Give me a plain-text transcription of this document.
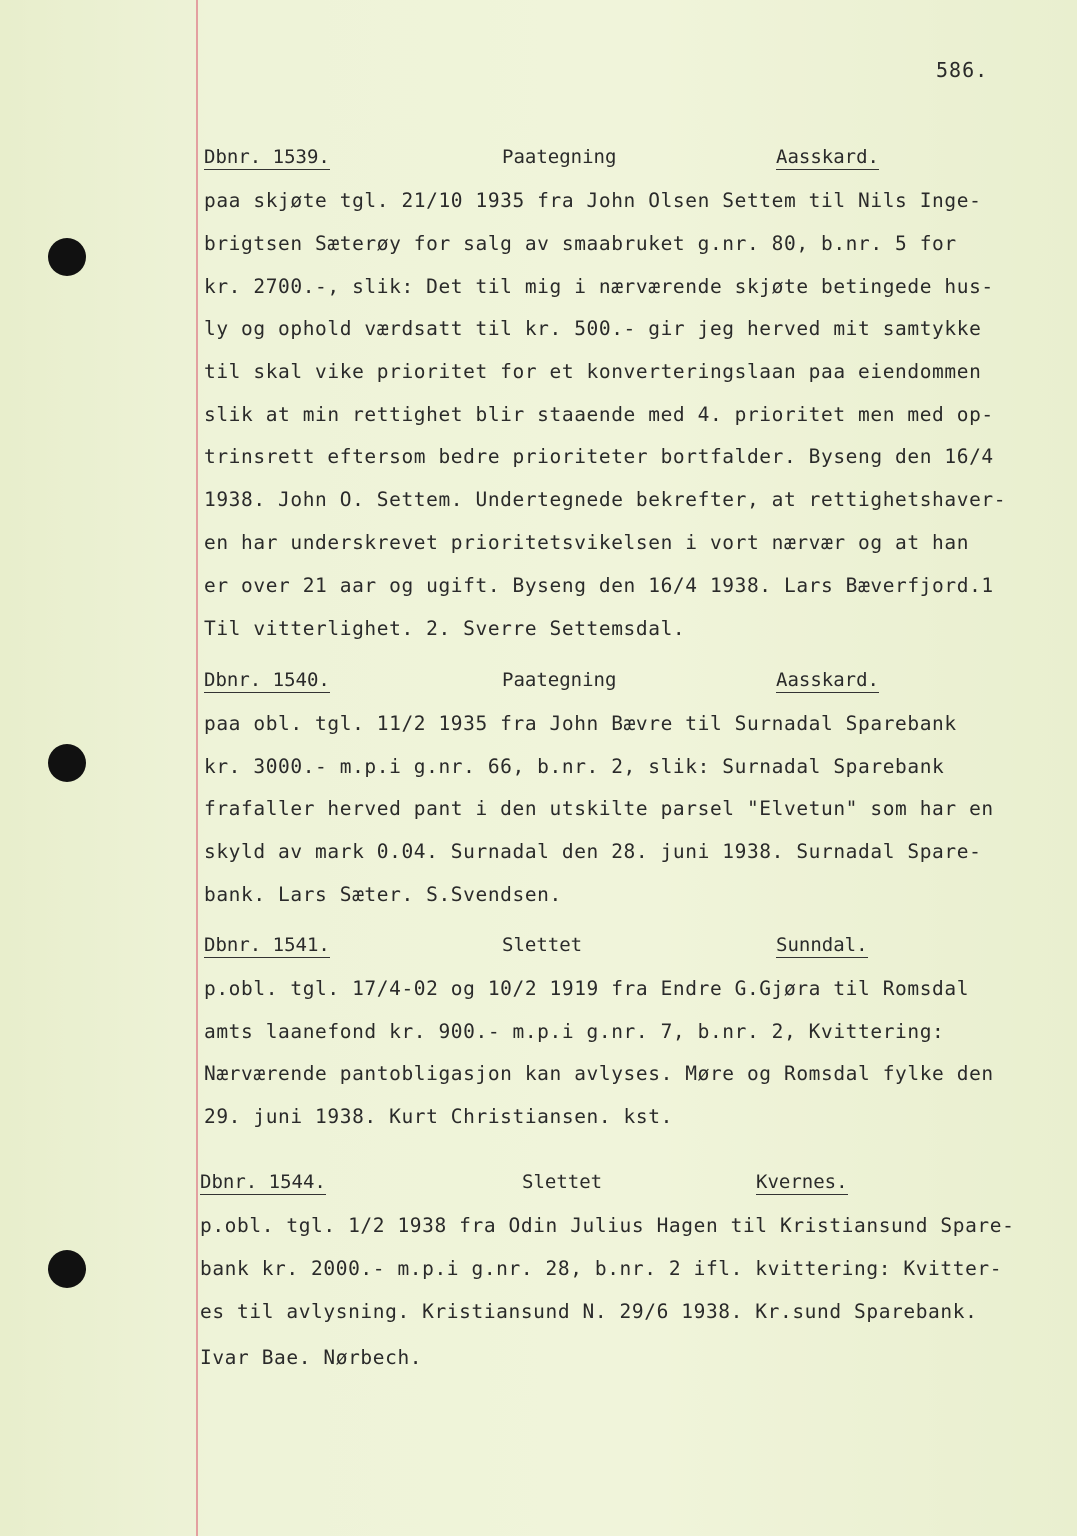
586.
Dbnr. 1539.	Paategning	Aasskard.
paa skjøte tgl. 21/10 1935 fra John Olsen Settem til Nils Inge-
brigtsen Sæterøy for salg av smaabruket g.nr. 80, b.nr. 5 for
kr. 2700.-, slik: Det til mig i nærværende skjøte betingede hus-
ly og ophold værdsatt til kr. 500.- gir jeg herved mit samtykke
til skal vike prioritet for et konverteringslaan paa eiendommen
slik at min rettighet blir staaende med 4. prioritet men med op-
trinsrett eftersom bedre prioriteter bortfalder. Byseng den 16/4
1938. John O. Settem. Undertegnede bekrefter, at rettighetshaver-
en har underskrevet prioritetsvikelsen i vort nærvær og at han
er over 21 aar og ugift. Byseng den 16/4 1938. Lars Bæverfjord.1
Til vitterlighet. 2. Sverre Settemsdal.
Dbnr. 1540.	Paategning	Aasskard.
paa obl. tgl. 11/2 1935 fra John Bævre til Surnadal Sparebank
kr. 3000.- m.p.i g.nr. 66, b.nr. 2, slik: Surnadal Sparebank
frafaller herved pant i den utskilte parsel "Elvetun" som har en
skyld av mark 0.04. Surnadal den 28. juni 1938. Surnadal Spare-
bank. Lars Sæter. S.Svendsen.
Dbnr. 1541.	Slettet	Sunndal.
p.obl. tgl. 17/4-02 og 10/2 1919 fra Endre G.Gjøra til Romsdal
amts laanefond kr. 900.- m.p.i g.nr. 7, b.nr. 2, Kvittering:
Nærværende pantobligasjon kan avlyses. Møre og Romsdal fylke den
29. juni 1938. Kurt Christiansen. kst.
Dbnr. 1544.	Slettet	Kvernes.
p.obl. tgl. 1/2 1938 fra Odin Julius Hagen til Kristiansund Spare-
bank kr. 2000.- m.p.i g.nr. 28, b.nr. 2 ifl. kvittering: Kvitter-
es til avlysning. Kristiansund N. 29/6 1938. Kr.sund Sparebank.
Ivar Bae. Nørbech.
